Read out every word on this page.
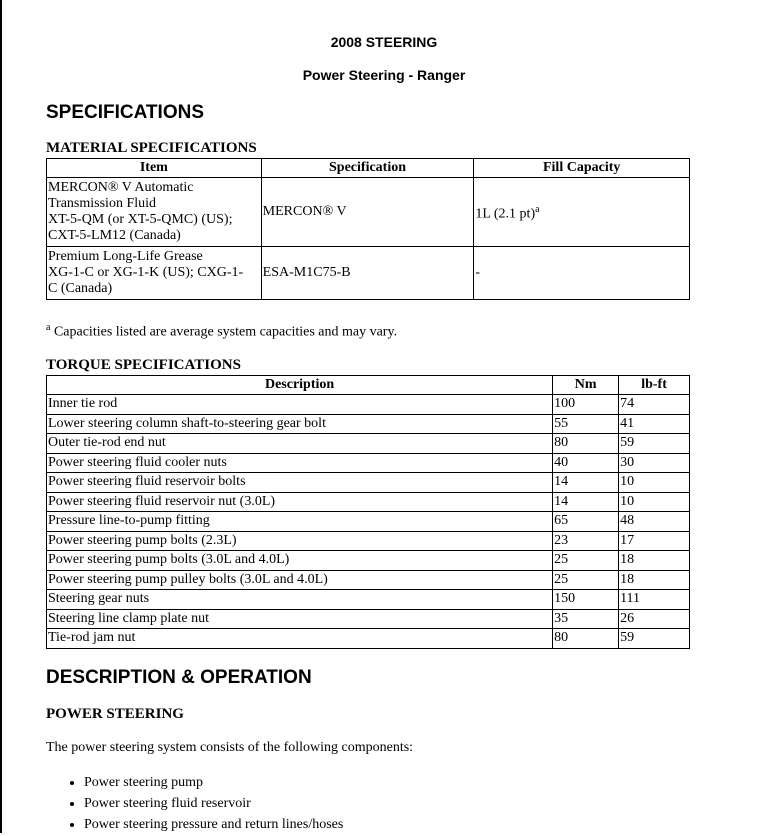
2008 STEERING
Power Steering - Ranger
SPECIFICATIONS
MATERIAL SPECIFICATIONS
Item	Specification	Fill Capacity

MERCON® V Automatic
Transmission Fluid
XT-5-QM (or XT-5-QMC) (US);
CXT-5-LM12 (Canada)	MERCON® V	1L (2.1 pt)$^a$

Premium Long-Life Grease
XG-1-C or XG-1-K (US); CXG-1-
C (Canada)	ESA-M1C75-B	-
$^a$ Capacities listed are average system capacities and may vary.
TORQUE SPECIFICATIONS
Description	Nm	lb-ft
Inner tie rod	100	74
Lower steering column shaft-to-steering gear bolt	55	41
Outer tie-rod end nut	80	59
Power steering fluid cooler nuts	40	30
Power steering fluid reservoir bolts	14	10
Power steering fluid reservoir nut (3.0L)	14	10
Pressure line-to-pump fitting	65	48
Power steering pump bolts (2.3L)	23	17
Power steering pump bolts (3.0L and 4.0L)	25	18
Power steering pump pulley bolts (3.0L and 4.0L)	25	18
Steering gear nuts	150	111
Steering line clamp plate nut	35	26
Tie-rod jam nut	80	59
DESCRIPTION & OPERATION
POWER STEERING
The power steering system consists of the following components:
• Power steering pump
• Power steering fluid reservoir
• Power steering pressure and return lines/hoses
